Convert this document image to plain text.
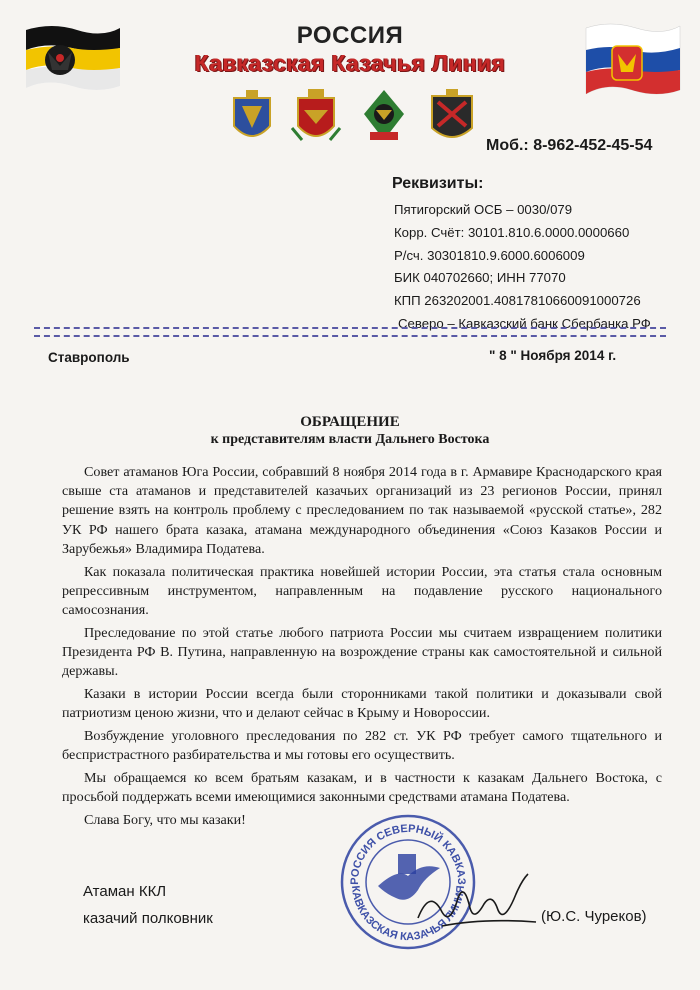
РОССИЯ
Кавказская Казачья Линия
Моб.: 8-962-452-45-54
Реквизиты:
Пятигорский ОСБ – 0030/079
Корр. Счёт: 30101.810.6.0000.0000660
Р/сч. 30301810.9.6000.6006009
БИК 040702660; ИНН 77070
КПП 263202001.40817810660091000726
Северо – Кавказский банк Сбербанка РФ
Ставрополь	" 8 " Ноября 2014 г.
ОБРАЩЕНИЕ
к представителям власти Дальнего Востока

Совет атаманов Юга России, собравший 8 ноября 2014 года в г. Армавире Краснодарского края свыше ста атаманов и представителей казачьих организаций из 23 регионов России, принял решение взять на контроль проблему с преследованием по так называемой «русской статье», 282 УК РФ нашего брата казака, атамана международного объединения «Союз Казаков России и Зарубежья» Владимира Податева.

Как показала политическая практика новейшей истории России, эта статья стала основным репрессивным инструментом, направленным на подавление русского национального самосознания.

Преследование по этой статье любого патриота России мы считаем извращением политики Президента РФ В. Путина, направленную на возрождение страны как самостоятельной и сильной державы.

Казаки в истории России всегда были сторонниками такой политики и доказывали свой патриотизм ценою жизни, что и делают сейчас в Крыму и Новороссии.

Возбуждение уголовного преследования по 282 ст. УК РФ требует самого тщательного и беспристрастного разбирательства и мы готовы его осуществить.

Мы обращаемся ко всем братьям казакам, и в частности к казакам Дальнего Востока, с просьбой поддержать всеми имеющимися законными средствами атамана Податева.

Слава Богу, что мы казаки!

РОССИЯ СЕВЕРНЫЙ КАВКАЗ
КАВКАЗСКАЯ КАЗАЧЬЯ ЛИНИЯ
Атаман ККЛ
казачий полковник	(Ю.С. Чуреков)
